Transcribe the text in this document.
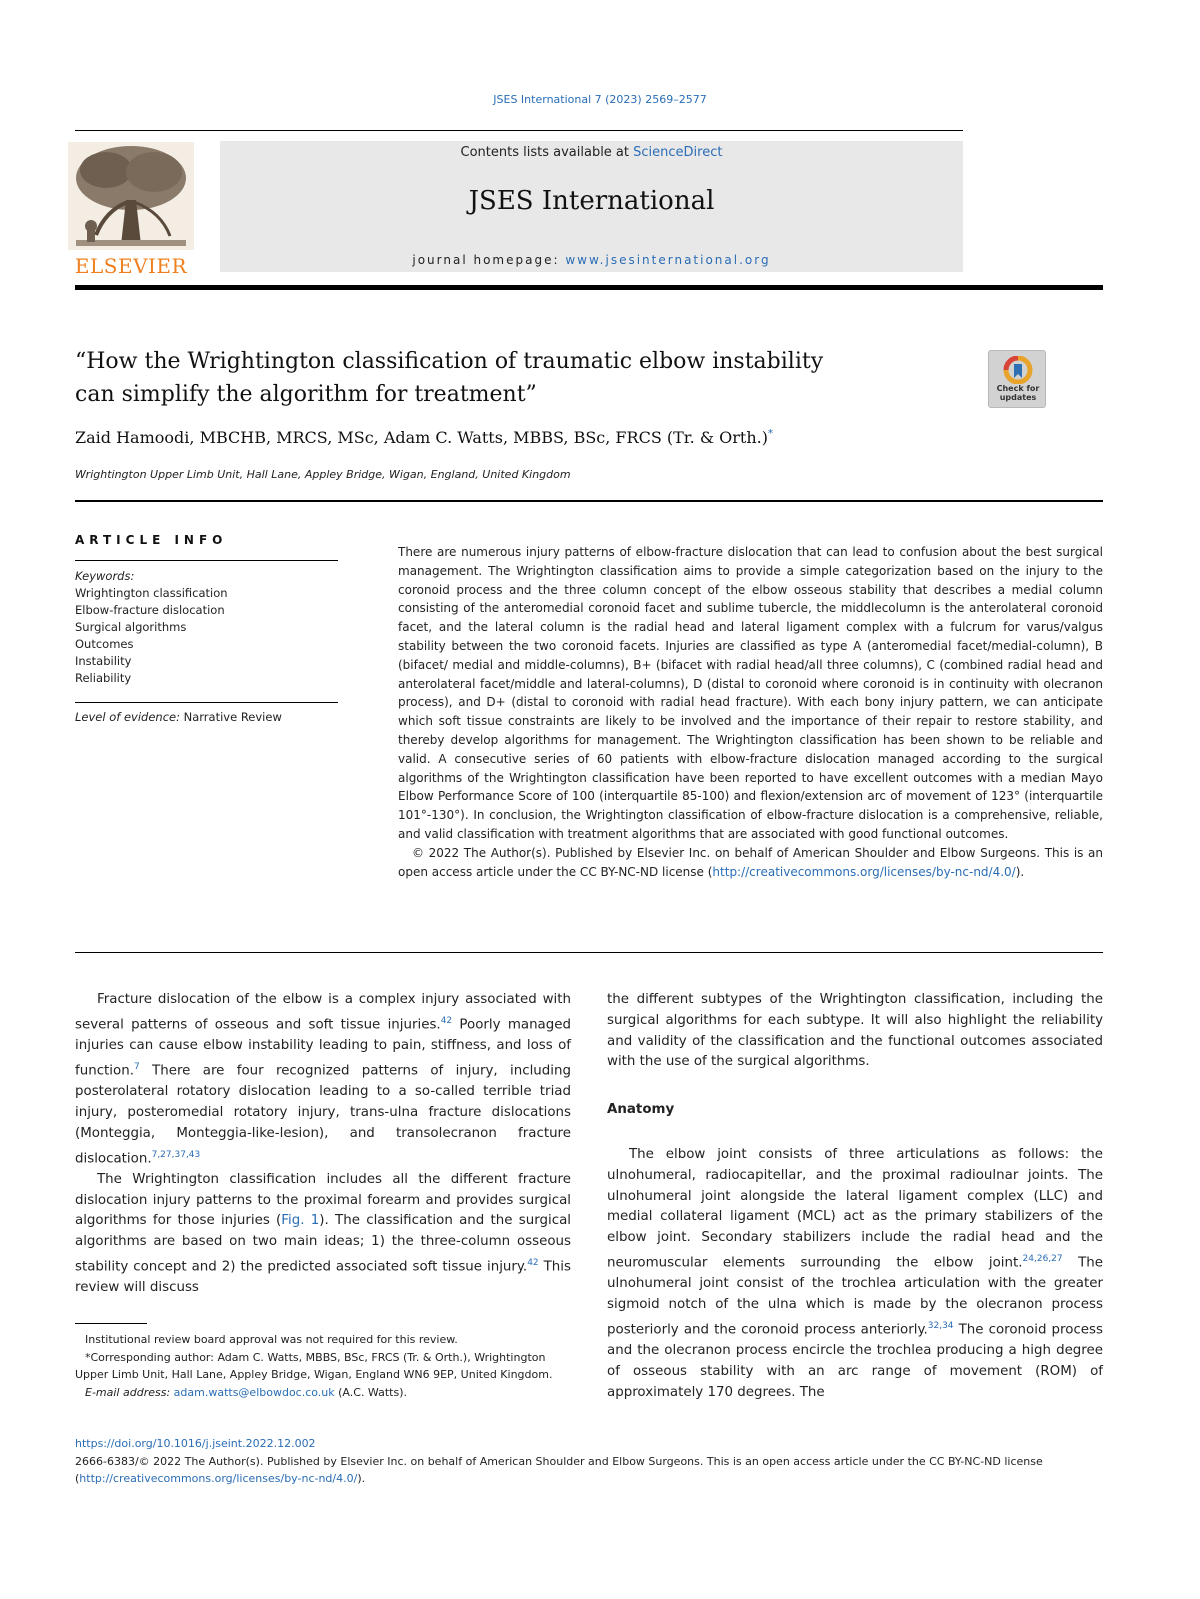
JSES International 7 (2023) 2569–2577
ELSEVIER
Contents lists available at ScienceDirect
JSES International
journal homepage: www.jsesinternational.org
“How the Wrightington classification of traumatic elbow instability
can simplify the algorithm for treatment”	Check for
updates
Zaid Hamoodi, MBCHB, MRCS, MSc, Adam C. Watts, MBBS, BSc, FRCS (Tr. & Orth.)*
Wrightington Upper Limb Unit, Hall Lane, Appley Bridge, Wigan, England, United Kingdom
ARTICLE INFO
Keywords:
Wrightington classification
Elbow-fracture dislocation
Surgical algorithms
Outcomes
Instability
Reliability
Level of evidence: Narrative Review

There are numerous injury patterns of elbow-fracture dislocation that can lead to confusion about the best surgical management. The Wrightington classification aims to provide a simple categorization based on the injury to the coronoid process and the three column concept of the elbow osseous stability that describes a medial column consisting of the anteromedial coronoid facet and sublime tubercle, the middlecolumn is the anterolateral coronoid facet, and the lateral column is the radial head and lateral ligament complex with a fulcrum for varus/valgus stability between the two coronoid facets. Injuries are classified as type A (anteromedial facet/medial-column), B (bifacet/ medial and middle-columns), B+ (bifacet with radial head/all three columns), C (combined radial head and anterolateral facet/middle and lateral-columns), D (distal to coronoid where coronoid is in continuity with olecranon process), and D+ (distal to coronoid with radial head fracture). With each bony injury pattern, we can anticipate which soft tissue constraints are likely to be involved and the importance of their repair to restore stability, and thereby develop algorithms for management. The Wrightington classification has been shown to be reliable and valid. A consecutive series of 60 patients with elbow-fracture dislocation managed according to the surgical algorithms of the Wrightington classification have been reported to have excellent outcomes with a median Mayo Elbow Performance Score of 100 (interquartile 85-100) and flexion/extension arc of movement of 123° (interquartile 101°-130°). In conclusion, the Wrightington classification of elbow-fracture dislocation is a comprehensive, reliable, and valid classification with treatment algorithms that are associated with good functional outcomes.

© 2022 The Author(s). Published by Elsevier Inc. on behalf of American Shoulder and Elbow Surgeons. This is an open access article under the CC BY-NC-ND license (http://creativecommons.org/licenses/by-nc-nd/4.0/).

Fracture dislocation of the elbow is a complex injury associated with several patterns of osseous and soft tissue injuries.$^{42}$ Poorly managed injuries can cause elbow instability leading to pain, stiffness, and loss of function.$^7$ There are four recognized patterns of injury, including posterolateral rotatory dislocation leading to a so-called terrible triad injury, posteromedial rotatory injury, trans-ulna fracture dislocations (Monteggia, Monteggia-like-lesion), and transolecranon fracture dislocation.$^{7,27,37,43}$

The Wrightington classification includes all the different fracture dislocation injury patterns to the proximal forearm and provides surgical algorithms for those injuries (Fig. 1). The classification and the surgical algorithms are based on two main ideas; 1) the three-column osseous stability concept and 2) the predicted associated soft tissue injury.$^{42}$ This review will discuss

the different subtypes of the Wrightington classification, including the surgical algorithms for each subtype. It will also highlight the reliability and validity of the classification and the functional outcomes associated with the use of the surgical algorithms.

Anatomy

The elbow joint consists of three articulations as follows: the ulnohumeral, radiocapitellar, and the proximal radioulnar joints. The ulnohumeral joint alongside the lateral ligament complex (LLC) and medial collateral ligament (MCL) act as the primary stabilizers of the elbow joint. Secondary stabilizers include the radial head and the neuromuscular elements surrounding the elbow joint.$^{24,26,27}$ The ulnohumeral joint consist of the trochlea articulation with the greater sigmoid notch of the ulna which is made by the olecranon process posteriorly and the coronoid process anteriorly.$^{32,34}$ The coronoid process and the olecranon process encircle the trochlea producing a high degree of osseous stability with an arc range of movement (ROM) of approximately 170 degrees. The

Institutional review board approval was not required for this review.

*Corresponding author: Adam C. Watts, MBBS, BSc, FRCS (Tr. & Orth.), Wrightington Upper Limb Unit, Hall Lane, Appley Bridge, Wigan, England WN6 9EP, United Kingdom.

E-mail address: adam.watts@elbowdoc.co.uk (A.C. Watts).

https://doi.org/10.1016/j.jseint.2022.12.002

2666-6383/© 2022 The Author(s). Published by Elsevier Inc. on behalf of American Shoulder and Elbow Surgeons. This is an open access article under the CC BY-NC-ND license (http://creativecommons.org/licenses/by-nc-nd/4.0/).
